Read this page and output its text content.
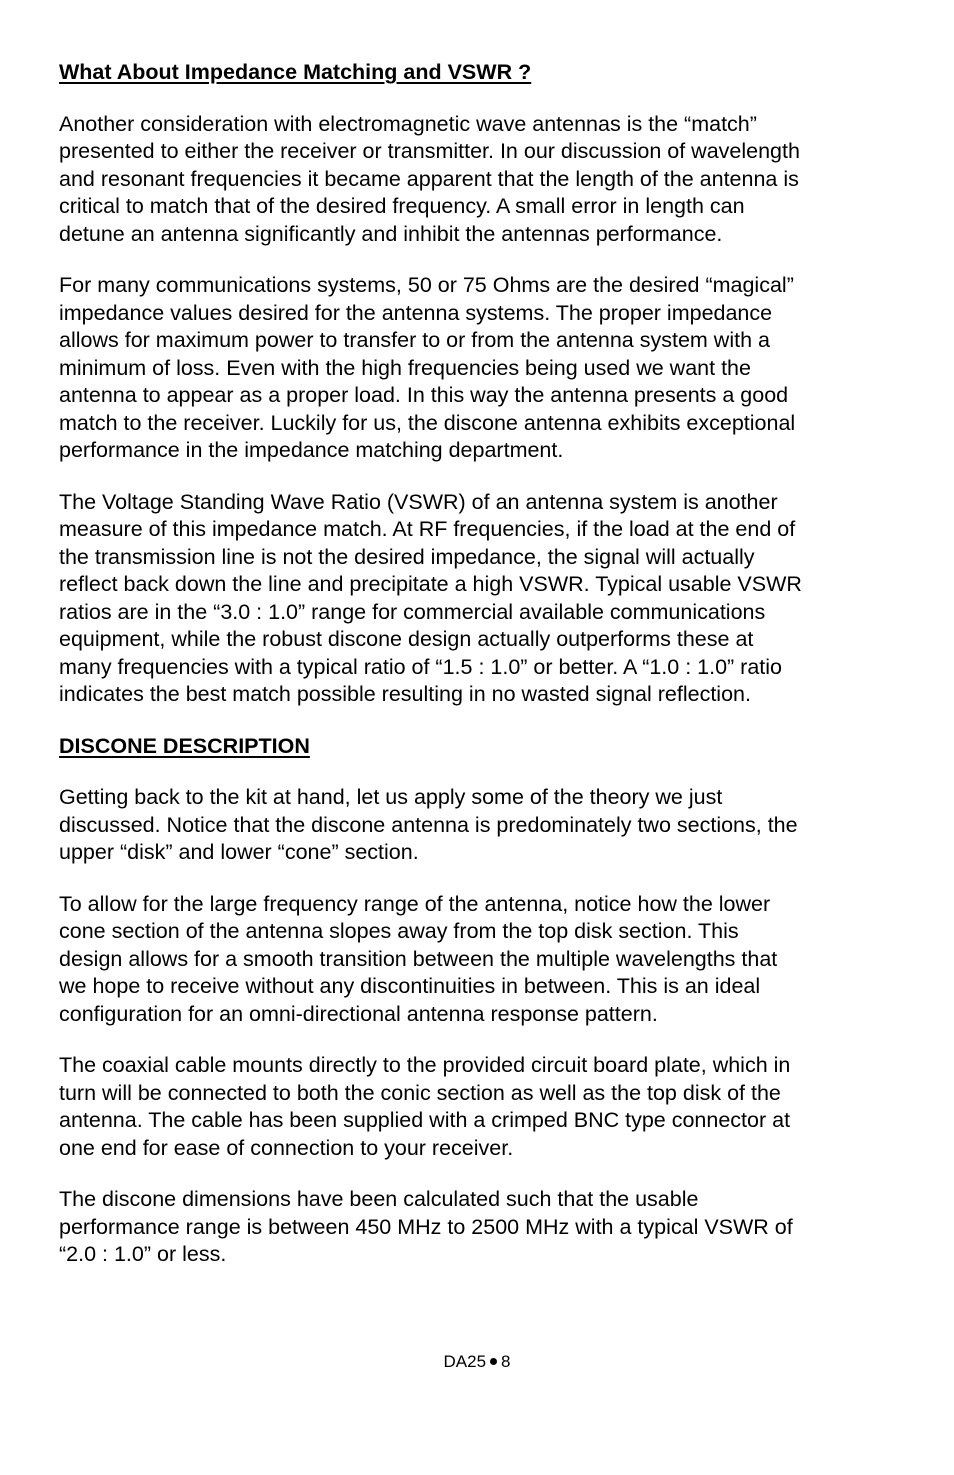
What About Impedance Matching and VSWR ?

Another consideration with electromagnetic wave antennas is the “match”
presented to either the receiver or transmitter. In our discussion of wavelength
and resonant frequencies it became apparent that the length of the antenna is
critical to match that of the desired frequency. A small error in length can
detune an antenna significantly and inhibit the antennas performance.

For many communications systems, 50 or 75 Ohms are the desired “magical”
impedance values desired for the antenna systems. The proper impedance
allows for maximum power to transfer to or from the antenna system with a
minimum of loss. Even with the high frequencies being used we want the
antenna to appear as a proper load. In this way the antenna presents a good
match to the receiver. Luckily for us, the discone antenna exhibits exceptional
performance in the impedance matching department.

The Voltage Standing Wave Ratio (VSWR) of an antenna system is another
measure of this impedance match. At RF frequencies, if the load at the end of
the transmission line is not the desired impedance, the signal will actually
reflect back down the line and precipitate a high VSWR. Typical usable VSWR
ratios are in the “3.0 : 1.0” range for commercial available communications
equipment, while the robust discone design actually outperforms these at
many frequencies with a typical ratio of “1.5 : 1.0” or better. A “1.0 : 1.0” ratio
indicates the best match possible resulting in no wasted signal reflection.

DISCONE DESCRIPTION

Getting back to the kit at hand, let us apply some of the theory we just
discussed. Notice that the discone antenna is predominately two sections, the
upper “disk” and lower “cone” section.

To allow for the large frequency range of the antenna, notice how the lower
cone section of the antenna slopes away from the top disk section. This
design allows for a smooth transition between the multiple wavelengths that
we hope to receive without any discontinuities in between. This is an ideal
configuration for an omni-directional antenna response pattern.

The coaxial cable mounts directly to the provided circuit board plate, which in
turn will be connected to both the conic section as well as the top disk of the
antenna. The cable has been supplied with a crimped BNC type connector at
one end for ease of connection to your receiver.

The discone dimensions have been calculated such that the usable
performance range is between 450 MHz to 2500 MHz with a typical VSWR of
“2.0 : 1.0” or less.

DA25 8
